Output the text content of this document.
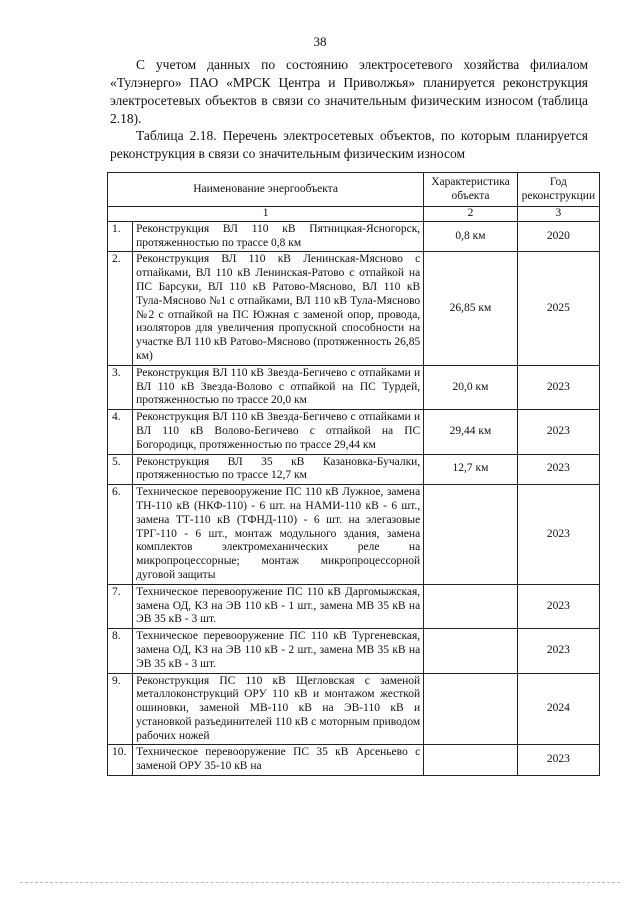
38

С учетом данных по состоянию электросетевого хозяйства филиалом «Тулэнерго» ПАО «МРСК Центра и Приволжья» планируется реконструкция электросетевых объектов в связи со значительным физическим износом (таблица 2.18).

Таблица 2.18. Перечень электросетевых объектов, по которым планируется реконструкция в связи со значительным физическим износом

Наименование энергообъекта		Характеристика объекта	Год реконструкции
1		2	3
1.	Реконструкция ВЛ 110 кВ Пятницкая-Ясногорск, протяженностью по трассе 0,8 км	0,8 км	2020
2.	Реконструкция ВЛ 110 кВ Ленинская-Мясново с отпайками, ВЛ 110 кВ Ленинская-Ратово с отпайкой на ПС Барсуки, ВЛ 110 кВ Ратово-Мясново, ВЛ 110 кВ Тула-Мясново №1 с отпайками, ВЛ 110 кВ Тула-Мясново №2 с отпайкой на ПС Южная с заменой опор, провода, изоляторов для увеличения пропускной способности на участке ВЛ 110 кВ Ратово-Мясново (протяженность 26,85 км)	26,85 км	2025
3.	Реконструкция ВЛ 110 кВ Звезда-Бегичево с отпайками и ВЛ 110 кВ Звезда-Волово с отпайкой на ПС Турдей, протяженностью по трассе 20,0 км	20,0 км	2023
4.	Реконструкция ВЛ 110 кВ Звезда-Бегичево с отпайками и ВЛ 110 кВ Волово-Бегичево с отпайкой на ПС Богородицк, протяженностью по трассе 29,44 км	29,44 км	2023
5.	Реконструкция ВЛ 35 кВ Казановка-Бучалки, протяженностью по трассе 12,7 км	12,7 км	2023
6.	Техническое перевооружение ПС 110 кВ Лужное, замена ТН-110 кВ (НКФ-110) - 6 шт. на НАМИ-110 кВ - 6 шт., замена ТТ-110 кВ (ТФНД-110) - 6 шт. на элегазовые ТРГ-110 - 6 шт., монтаж модульного здания, замена комплектов электромеханических реле на микропроцессорные; монтаж микропроцессорной дуговой защиты		2023
7.	Техническое перевооружение ПС 110 кВ Даргомыжская, замена ОД, КЗ на ЭВ 110 кВ - 1 шт., замена МВ 35 кВ на ЭВ 35 кВ - 3 шт.		2023
8.	Техническое перевооружение ПС 110 кВ Тургеневская, замена ОД, КЗ на ЭВ 110 кВ - 2 шт., замена МВ 35 кВ на ЭВ 35 кВ - 3 шт.		2023
9.	Реконструкция ПС 110 кВ Щегловская с заменой металлоконструкций ОРУ 110 кВ и монтажом жесткой ошиновки, заменой МВ-110 кВ на ЭВ-110 кВ и установкой разъединителей 110 кВ с моторным приводом рабочих ножей		2024
10.	Техническое перевооружение ПС 35 кВ Арсеньево с заменой ОРУ 35-10 кВ на		2023
